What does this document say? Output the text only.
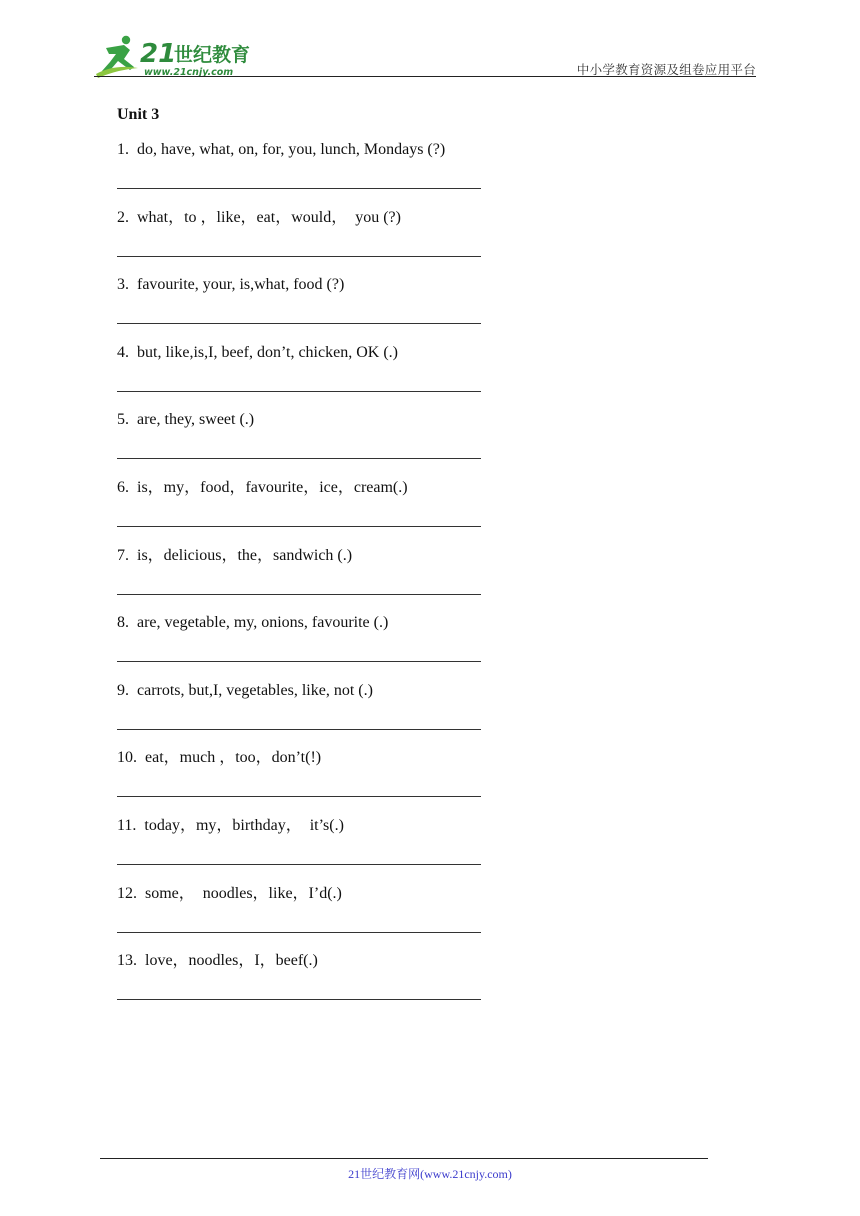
21
世纪教育
www.21cnjy.com	中小学教育资源及组卷应用平台
Unit 3
1. do, have, what, on, for, you, lunch, Mondays (?)
2. what，to ，like，eat，would，  you (?)
3. favourite, your, is,what, food (?)
4. but, like,is,I, beef, don’t, chicken, OK (.)
5. are, they, sweet (.)
6. is，my，food，favourite，ice，cream(.)
7. is，delicious，the，sandwich (.)
8. are, vegetable, my, onions, favourite (.)
9. carrots, but,I, vegetables, like, not (.)
10. eat，much ，too，don’t(!)
11. today，my，birthday，  it’s(.)
12. some，  noodles，like，I’d(.)
13. love，noodles，I，beef(.)
21世纪教育网(www.21cnjy.com)
